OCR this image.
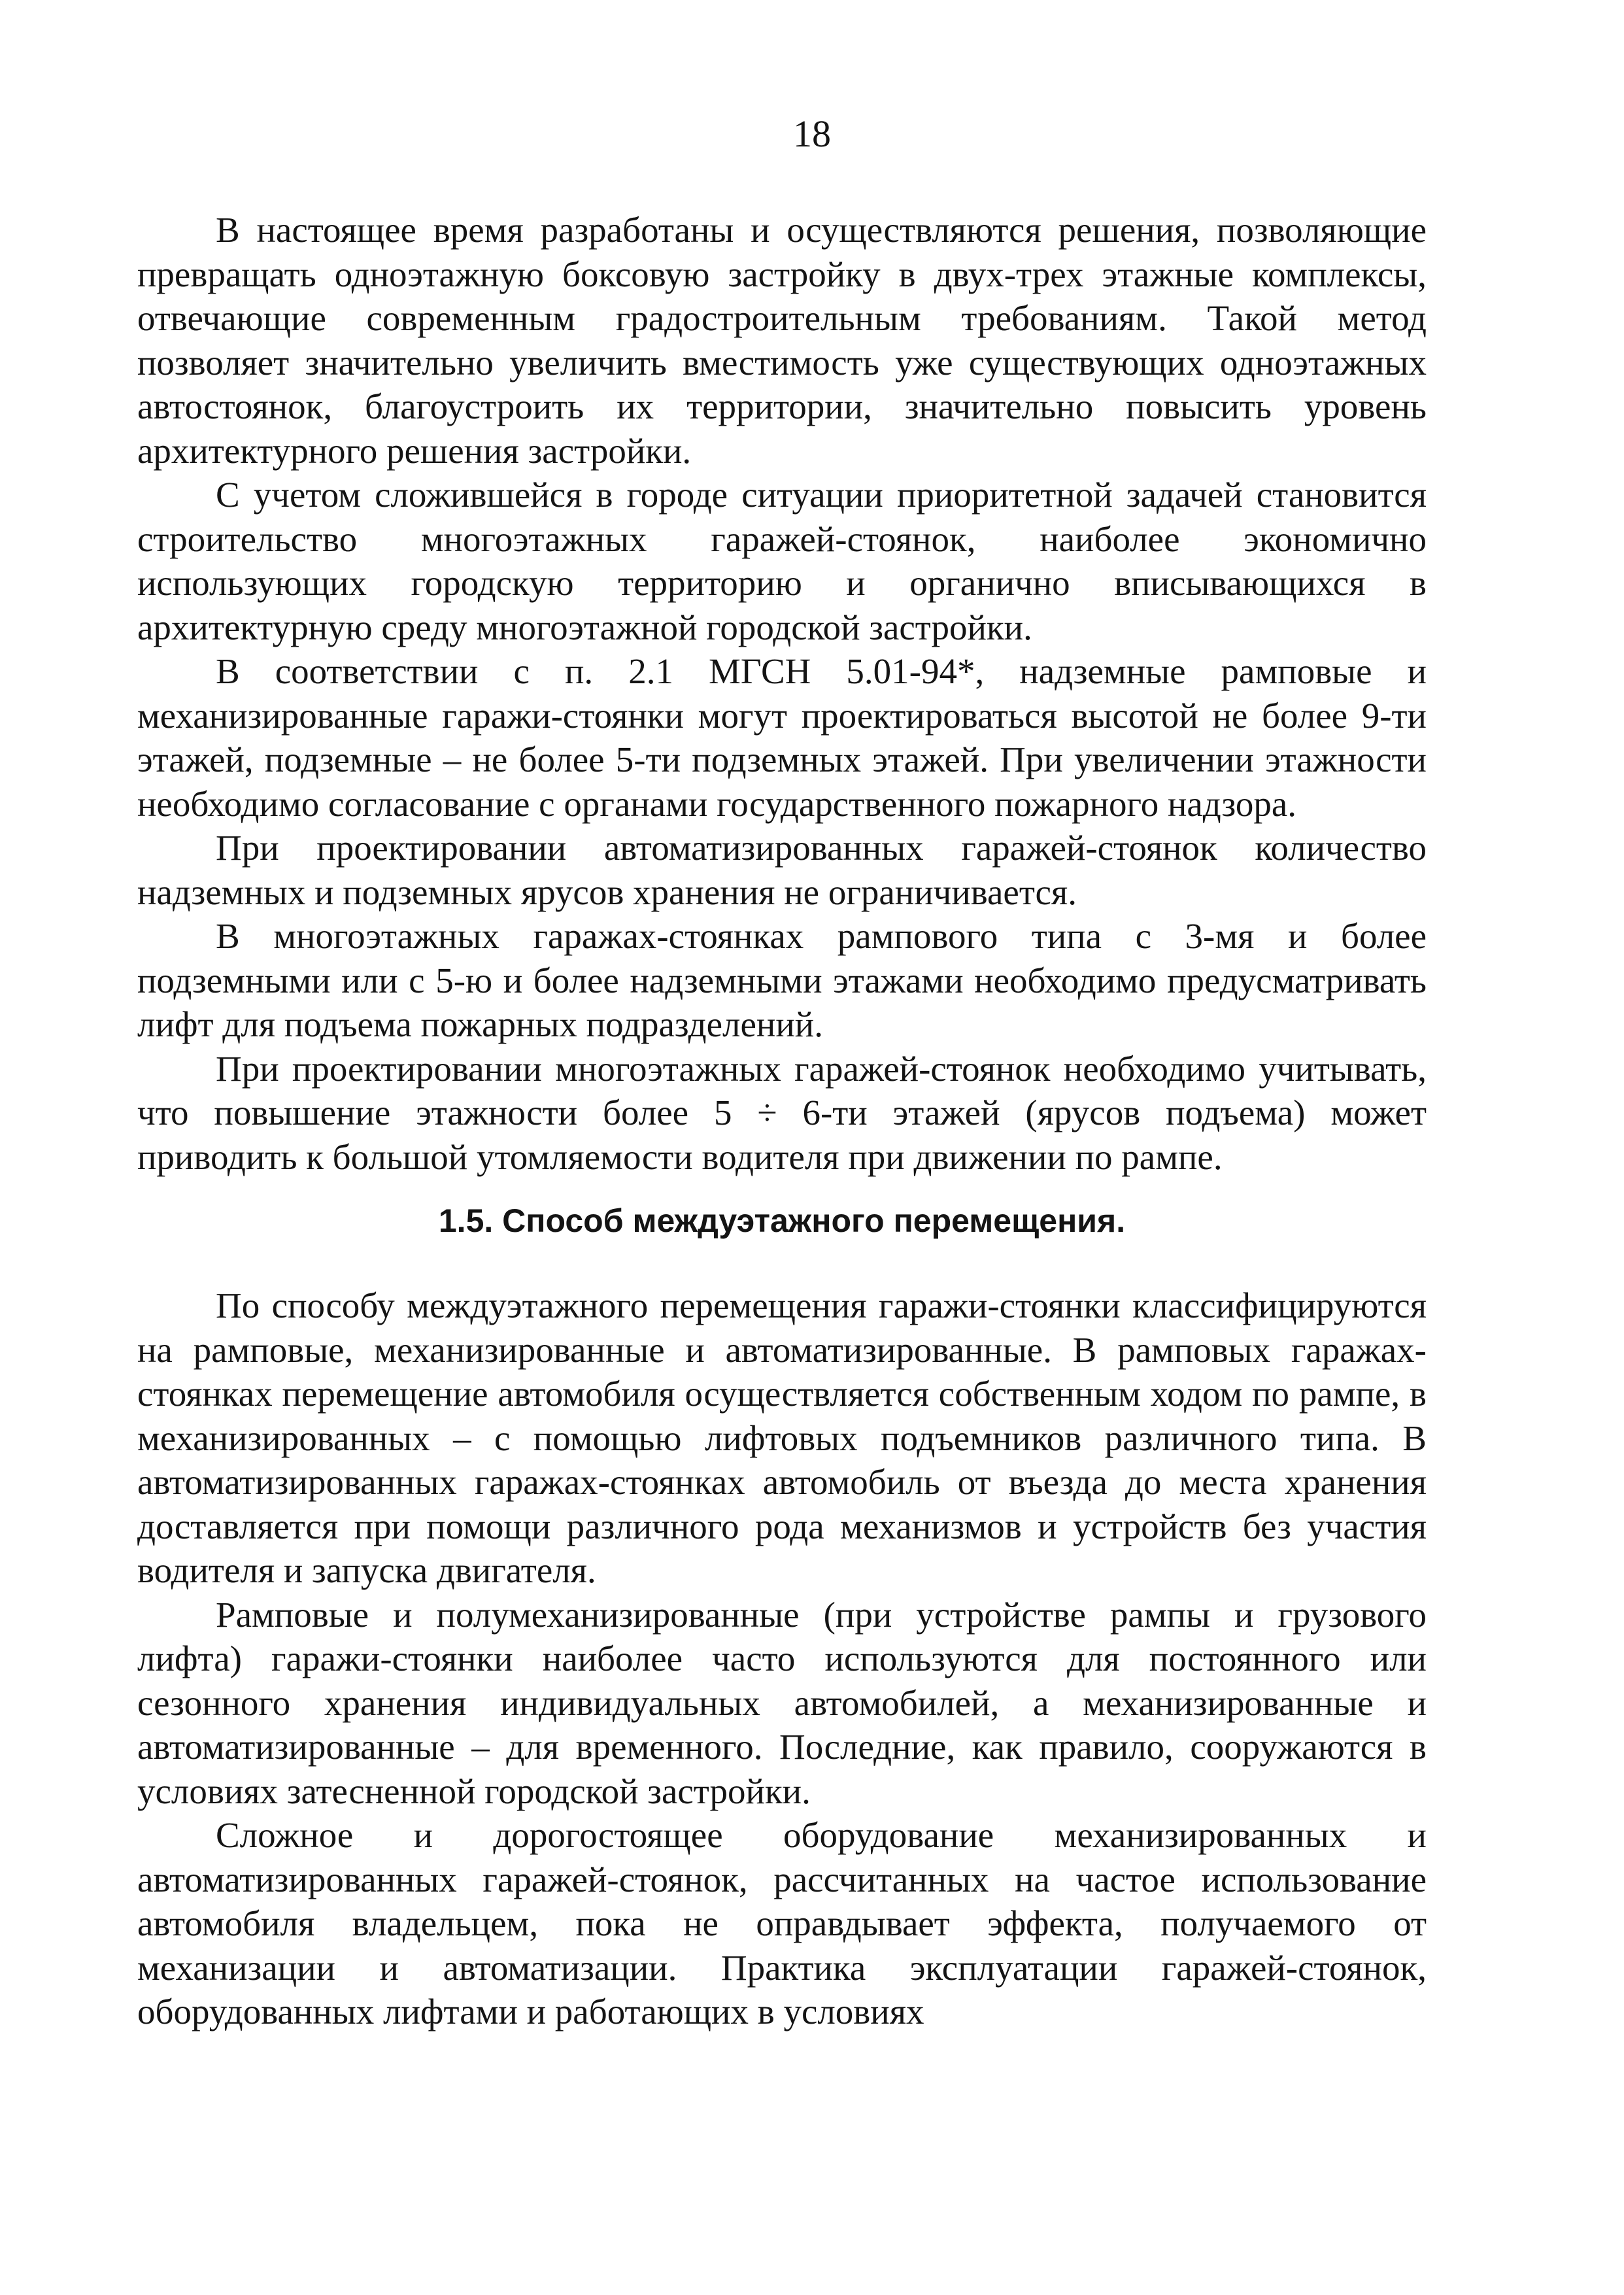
18

В настоящее время разработаны и осуществляются решения, позволяющие превращать одноэтажную боксовую застройку в двух-трех этажные комплексы, отвечающие современным градостроительным требованиям. Такой метод позволяет значительно увеличить вместимость уже существующих одноэтажных автостоянок, благоустроить их территории, значительно повысить уровень архитектурного решения застройки.

С учетом сложившейся в городе ситуации приоритетной задачей становится строительство многоэтажных гаражей-стоянок, наиболее экономично использующих городскую территорию и органично вписывающихся в архитектурную среду многоэтажной городской застройки.

В соответствии с п. 2.1 МГСН 5.01-94*, надземные рамповые и механизированные гаражи-стоянки могут проектироваться высотой не более 9-ти этажей, подземные – не более 5-ти подземных этажей. При увеличении этажности необходимо согласование с органами государственного пожарного надзора.

При проектировании автоматизированных гаражей-стоянок количество надземных и подземных ярусов хранения не ограничивается.

В многоэтажных гаражах-стоянках рампового типа с 3-мя и более подземными или с 5-ю и более надземными этажами необходимо предусматривать лифт для подъема пожарных подразделений.

При проектировании многоэтажных гаражей-стоянок необходимо учитывать, что повышение этажности более 5 ÷ 6-ти этажей (ярусов подъема) может приводить к большой утомляемости водителя при движении по рампе.

1.5. Способ междуэтажного перемещения.

По способу междуэтажного перемещения гаражи-стоянки классифицируются на рамповые, механизированные и автоматизированные. В рамповых гаражах-стоянках перемещение автомобиля осуществляется собственным ходом по рампе, в механизированных – с помощью лифтовых подъемников различного типа. В автоматизированных гаражах-стоянках автомобиль от въезда до места хранения доставляется при помощи различного рода механизмов и устройств без участия водителя и запуска двигателя.

Рамповые и полумеханизированные (при устройстве рампы и грузового лифта) гаражи-стоянки наиболее часто используются для постоянного или сезонного хранения индивидуальных автомобилей, а механизированные и автоматизированные – для временного. Последние, как правило, сооружаются в условиях затесненной городской застройки.

Сложное и дорогостоящее оборудование механизированных и автоматизированных гаражей-стоянок, рассчитанных на частое использование автомобиля владельцем, пока не оправдывает эффекта, получаемого от механизации и автоматизации. Практика эксплуатации гаражей-стоянок, оборудованных лифтами и работающих в условиях
